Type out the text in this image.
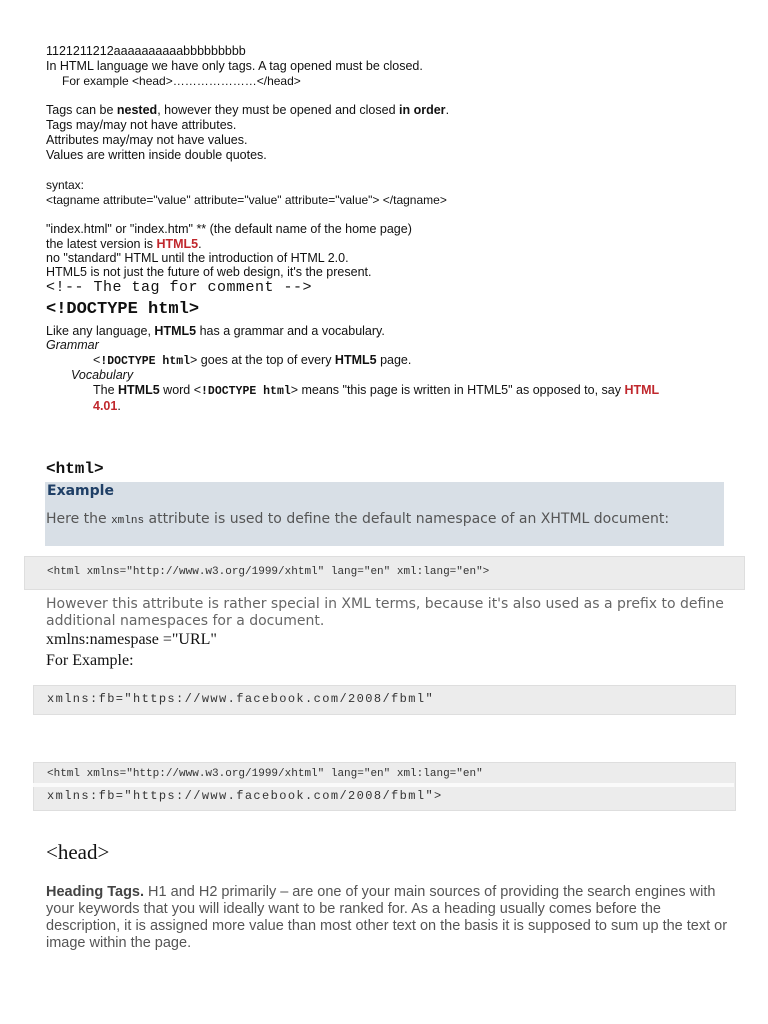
1121211212aaaaaaaaaabbbbbbbbb
In HTML language we have only tags. A tag opened must be closed.
For example <head>…………………</head>
Tags can be nested, however they must be opened and closed in order.
Tags may/may not have attributes.
Attributes may/may not have values.
Values are written inside double quotes.
syntax:
<tagname attribute="value" attribute="value" attribute="value"> </tagname>
"index.html" or "index.htm" ** (the default name of the home page)
the latest version is HTML5.
no "standard" HTML until the introduction of HTML 2.0.
HTML5 is not just the future of web design, it's the present.
<!-- The tag for comment -->
<!DOCTYPE html>
Like any language, HTML5 has a grammar and a vocabulary.
Grammar
<!DOCTYPE html> goes at the top of every HTML5 page.
Vocabulary
The HTML5 word <!DOCTYPE html> means "this page is written in HTML5" as opposed to, say HTML
4.01.
<html>
Example
Here the xmlns attribute is used to define the default namespace of an XHTML document:
<html xmlns="http://www.w3.org/1999/xhtml" lang="en" xml:lang="en">
However this attribute is rather special in XML terms, because it's also used as a prefix to define additional namespaces for a document.
xmlns:namespase ="URL"
For Example:
xmlns:fb="https://www.facebook.com/2008/fbml"
<html xmlns="http://www.w3.org/1999/xhtml" lang="en" xml:lang="en"
xmlns:fb="https://www.facebook.com/2008/fbml">
<head>
Heading Tags. H1 and H2 primarily – are one of your main sources of providing the search engines with your keywords that you will ideally want to be ranked for. As a heading usually comes before the description, it is assigned more value than most other text on the basis it is supposed to sum up the text or image within the page.
